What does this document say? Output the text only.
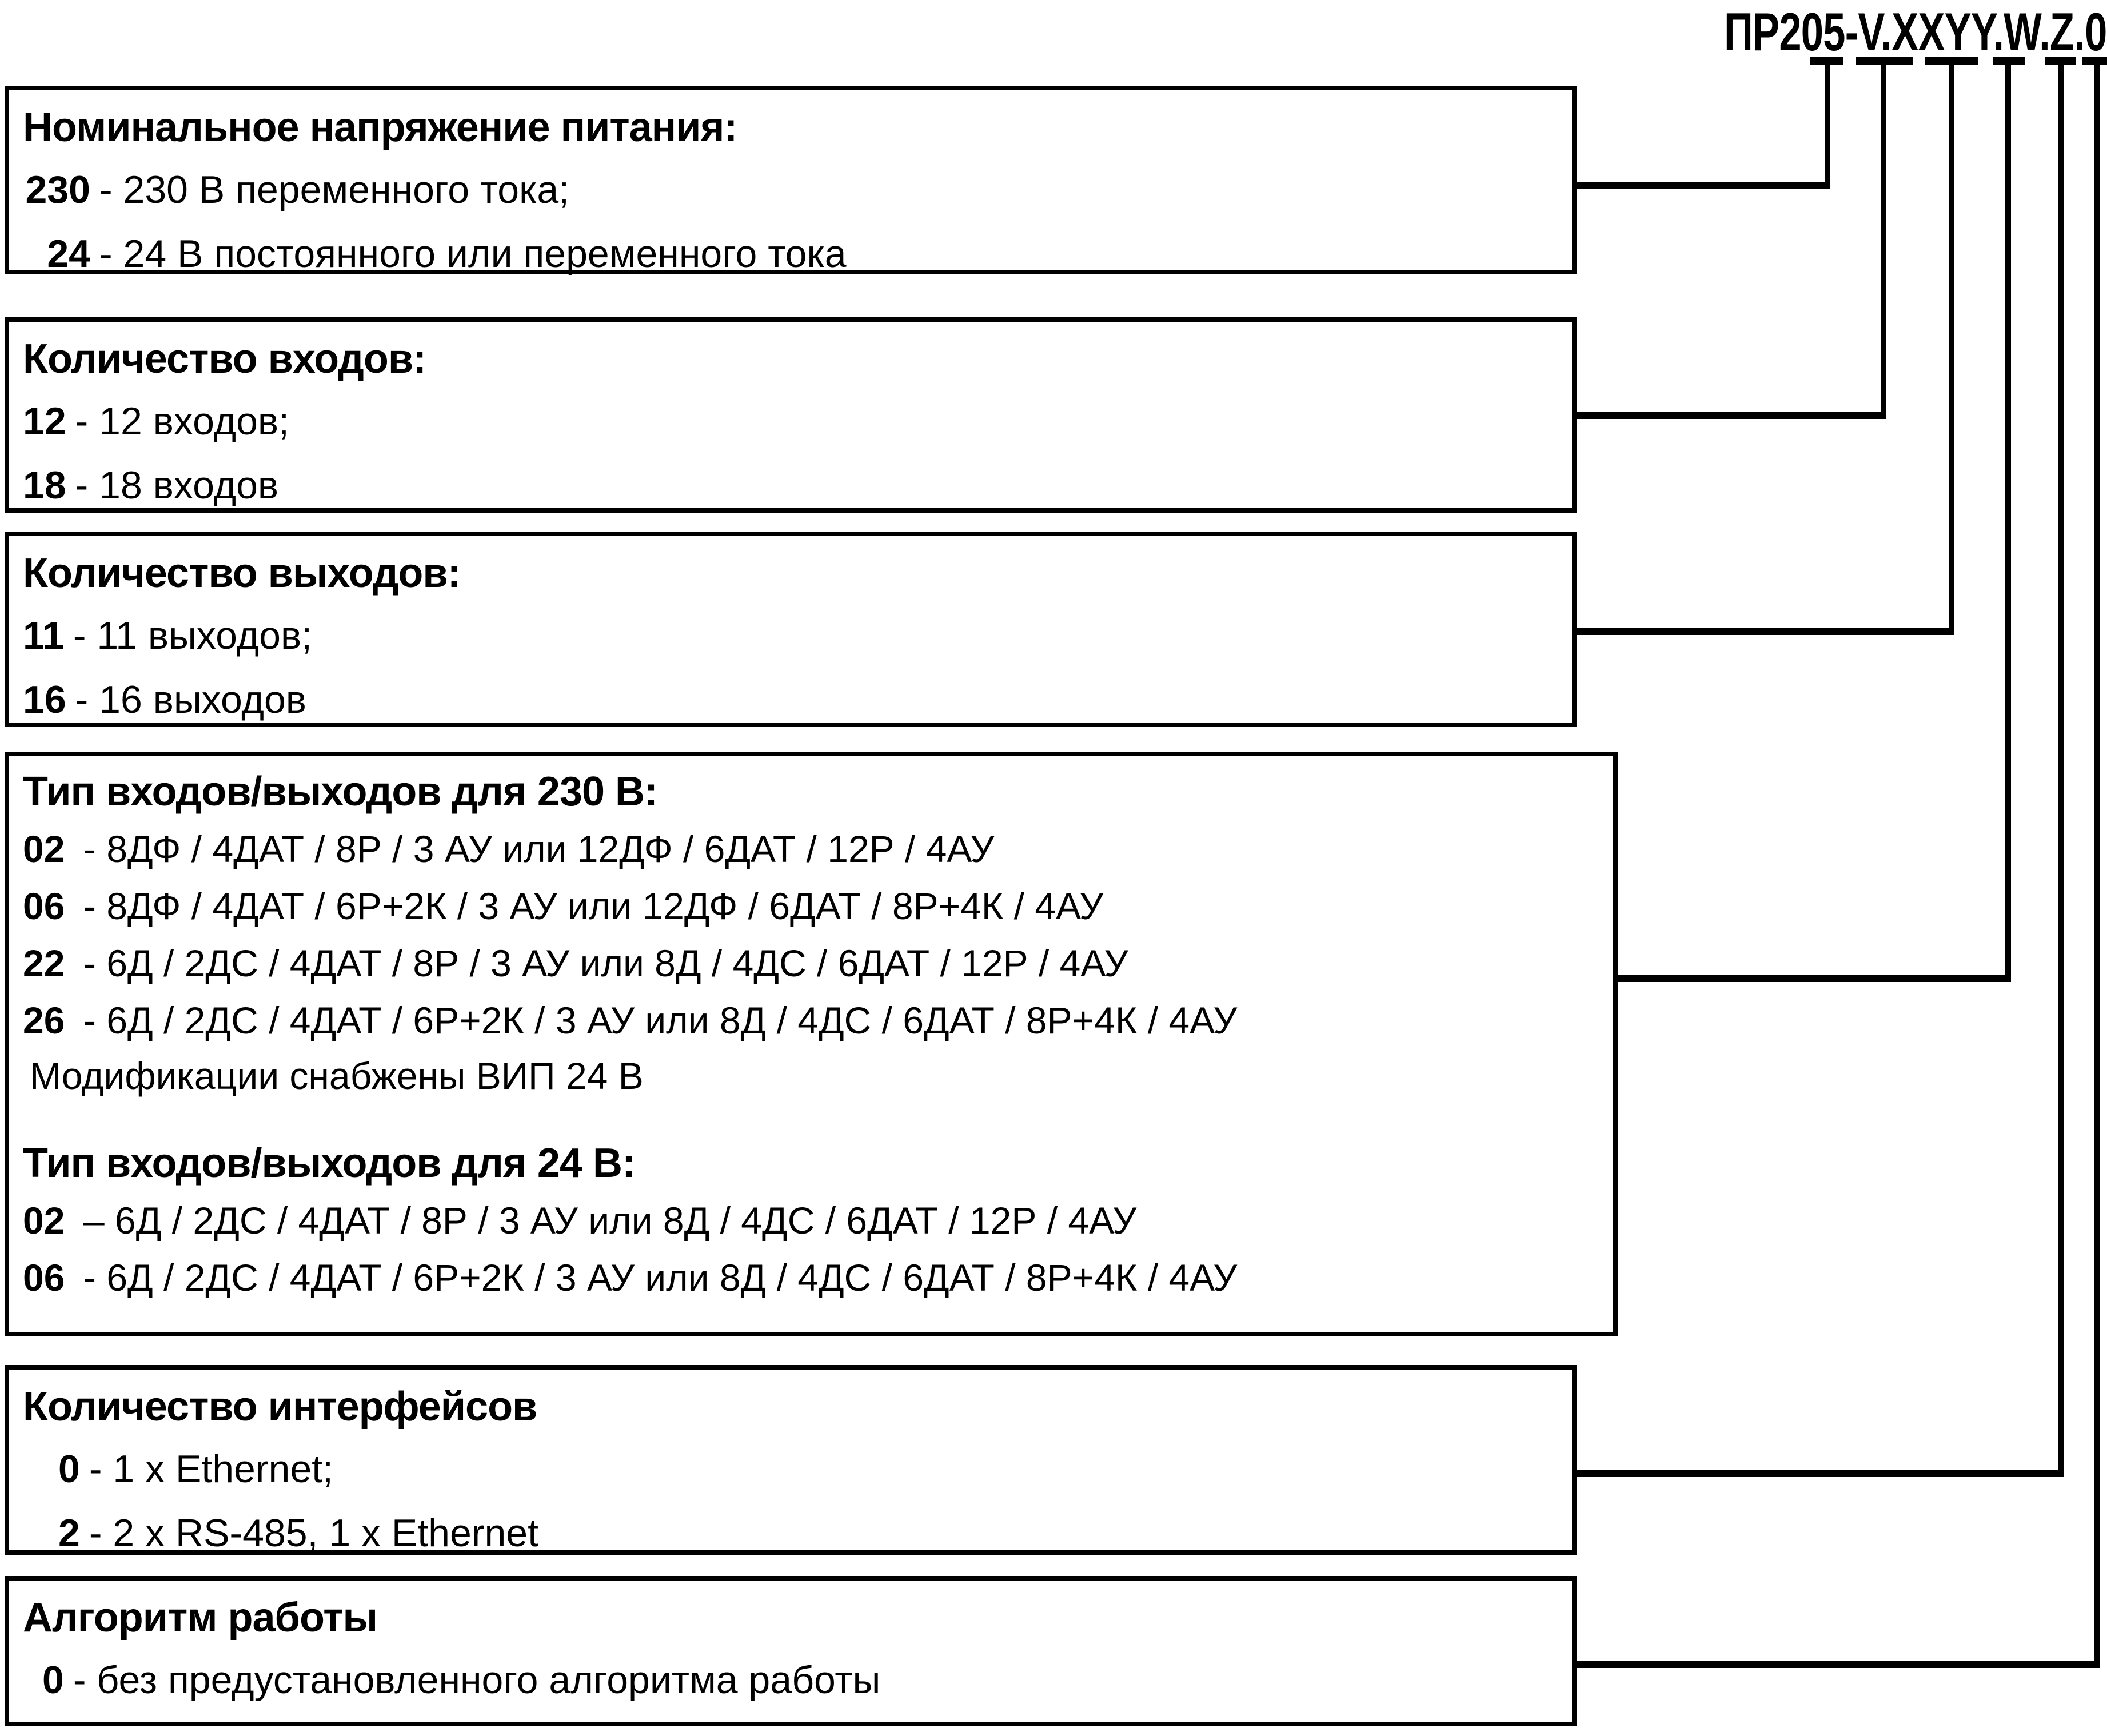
ПР205-V.XXYY.W.Z.0
Номинальное напряжение питания:
230 - 230 В переменного тока;
24 - 24 В постоянного или переменного тока
Количество входов:
12 - 12 входов;
18 - 18 входов
Количество выходов:
11 - 11 выходов;
16 - 16 выходов
Тип входов/выходов для 230 В:
02 - 8ДФ / 4ДАТ / 8Р / 3 АУ или 12ДФ / 6ДАТ / 12Р / 4АУ
06 - 8ДФ / 4ДАТ / 6Р+2К / 3 АУ или 12ДФ / 6ДАТ / 8Р+4К / 4АУ
22 - 6Д / 2ДС / 4ДАТ / 8Р / 3 АУ или 8Д / 4ДС / 6ДАТ / 12Р / 4АУ
26 - 6Д / 2ДС / 4ДАТ / 6Р+2К / 3 АУ или 8Д / 4ДС / 6ДАТ / 8Р+4К / 4АУ
Модификации снабжены ВИП 24 В
Тип входов/выходов для 24 В:
02 – 6Д / 2ДС / 4ДАТ / 8Р / 3 АУ или 8Д / 4ДС / 6ДАТ / 12Р / 4АУ
06 - 6Д / 2ДС / 4ДАТ / 6Р+2К / 3 АУ или 8Д / 4ДС / 6ДАТ / 8Р+4К / 4АУ
Количество интерфейсов
0 - 1 x Ethernet;
2 - 2 x RS-485, 1 x Ethernet
Алгоритм работы
0 - без предустановленного алгоритма работы
